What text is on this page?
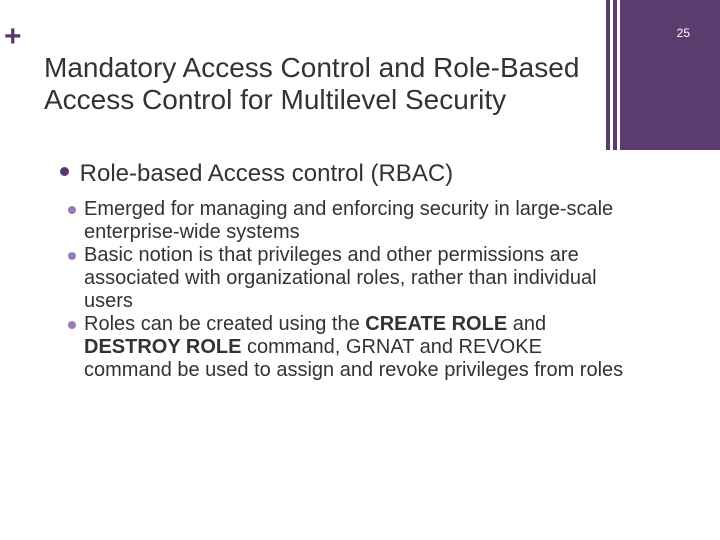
+	25
Mandatory Access Control and Role-Based
Access Control for Multilevel Security

Role-based Access control (RBAC)

Emerged for managing and enforcing security in large-scale enterprise-wide systems
Basic notion is that privileges and other permissions are associated with organizational roles, rather than individual users
Roles can be created using the CREATE ROLE and DESTROY ROLE command, GRNAT and REVOKE command be used to assign and revoke privileges from roles
